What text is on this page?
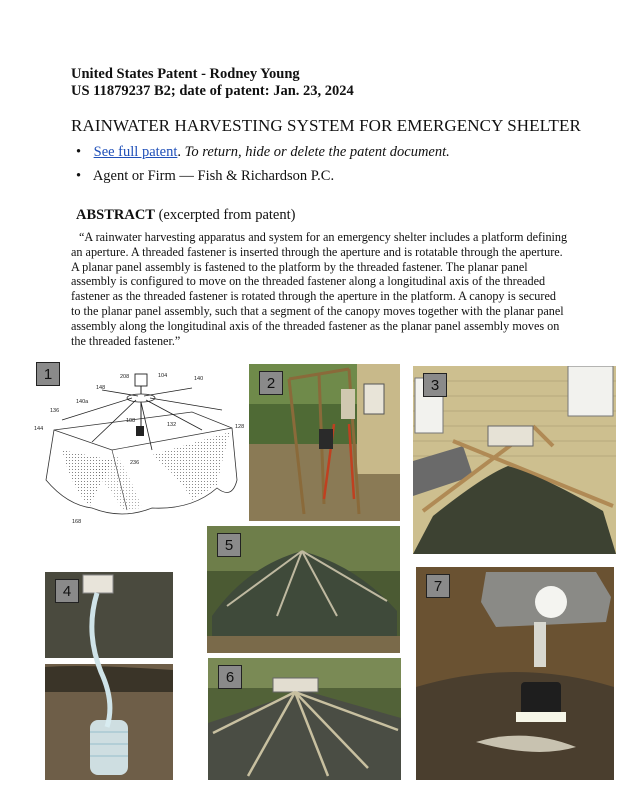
United States Patent - Rodney Young
US 11879237 B2; date of patent: Jan. 23, 2024
RAINWATER HARVESTING SYSTEM FOR EMERGENCY SHELTER
• See full patent. To return, hide or delete the patent document.
• Agent or Firm — Fish & Richardson P.C.
ABSTRACT (excerpted from patent)
“A rainwater harvesting apparatus and system for an emergency shelter includes a platform defining an aperture. A threaded fastener is inserted through the aperture and is rotatable through the aperture. A planar panel assembly is fastened to the platform by the threaded fastener. The planar panel assembly is configured to move on the threaded fastener along a longitudinal axis of the threaded fastener as the threaded fastener is rotated through the aperture in the platform. A canopy is secured to the planar panel assembly, such that a segment of the canopy moves together with the planar panel assembly along the longitudinal axis of the threaded fastener as the planar panel assembly moves on the threaded fastener.”
208	104	140
148
140a
136
144
108
132	128
236
168
1
2	3
4
5
6
7
